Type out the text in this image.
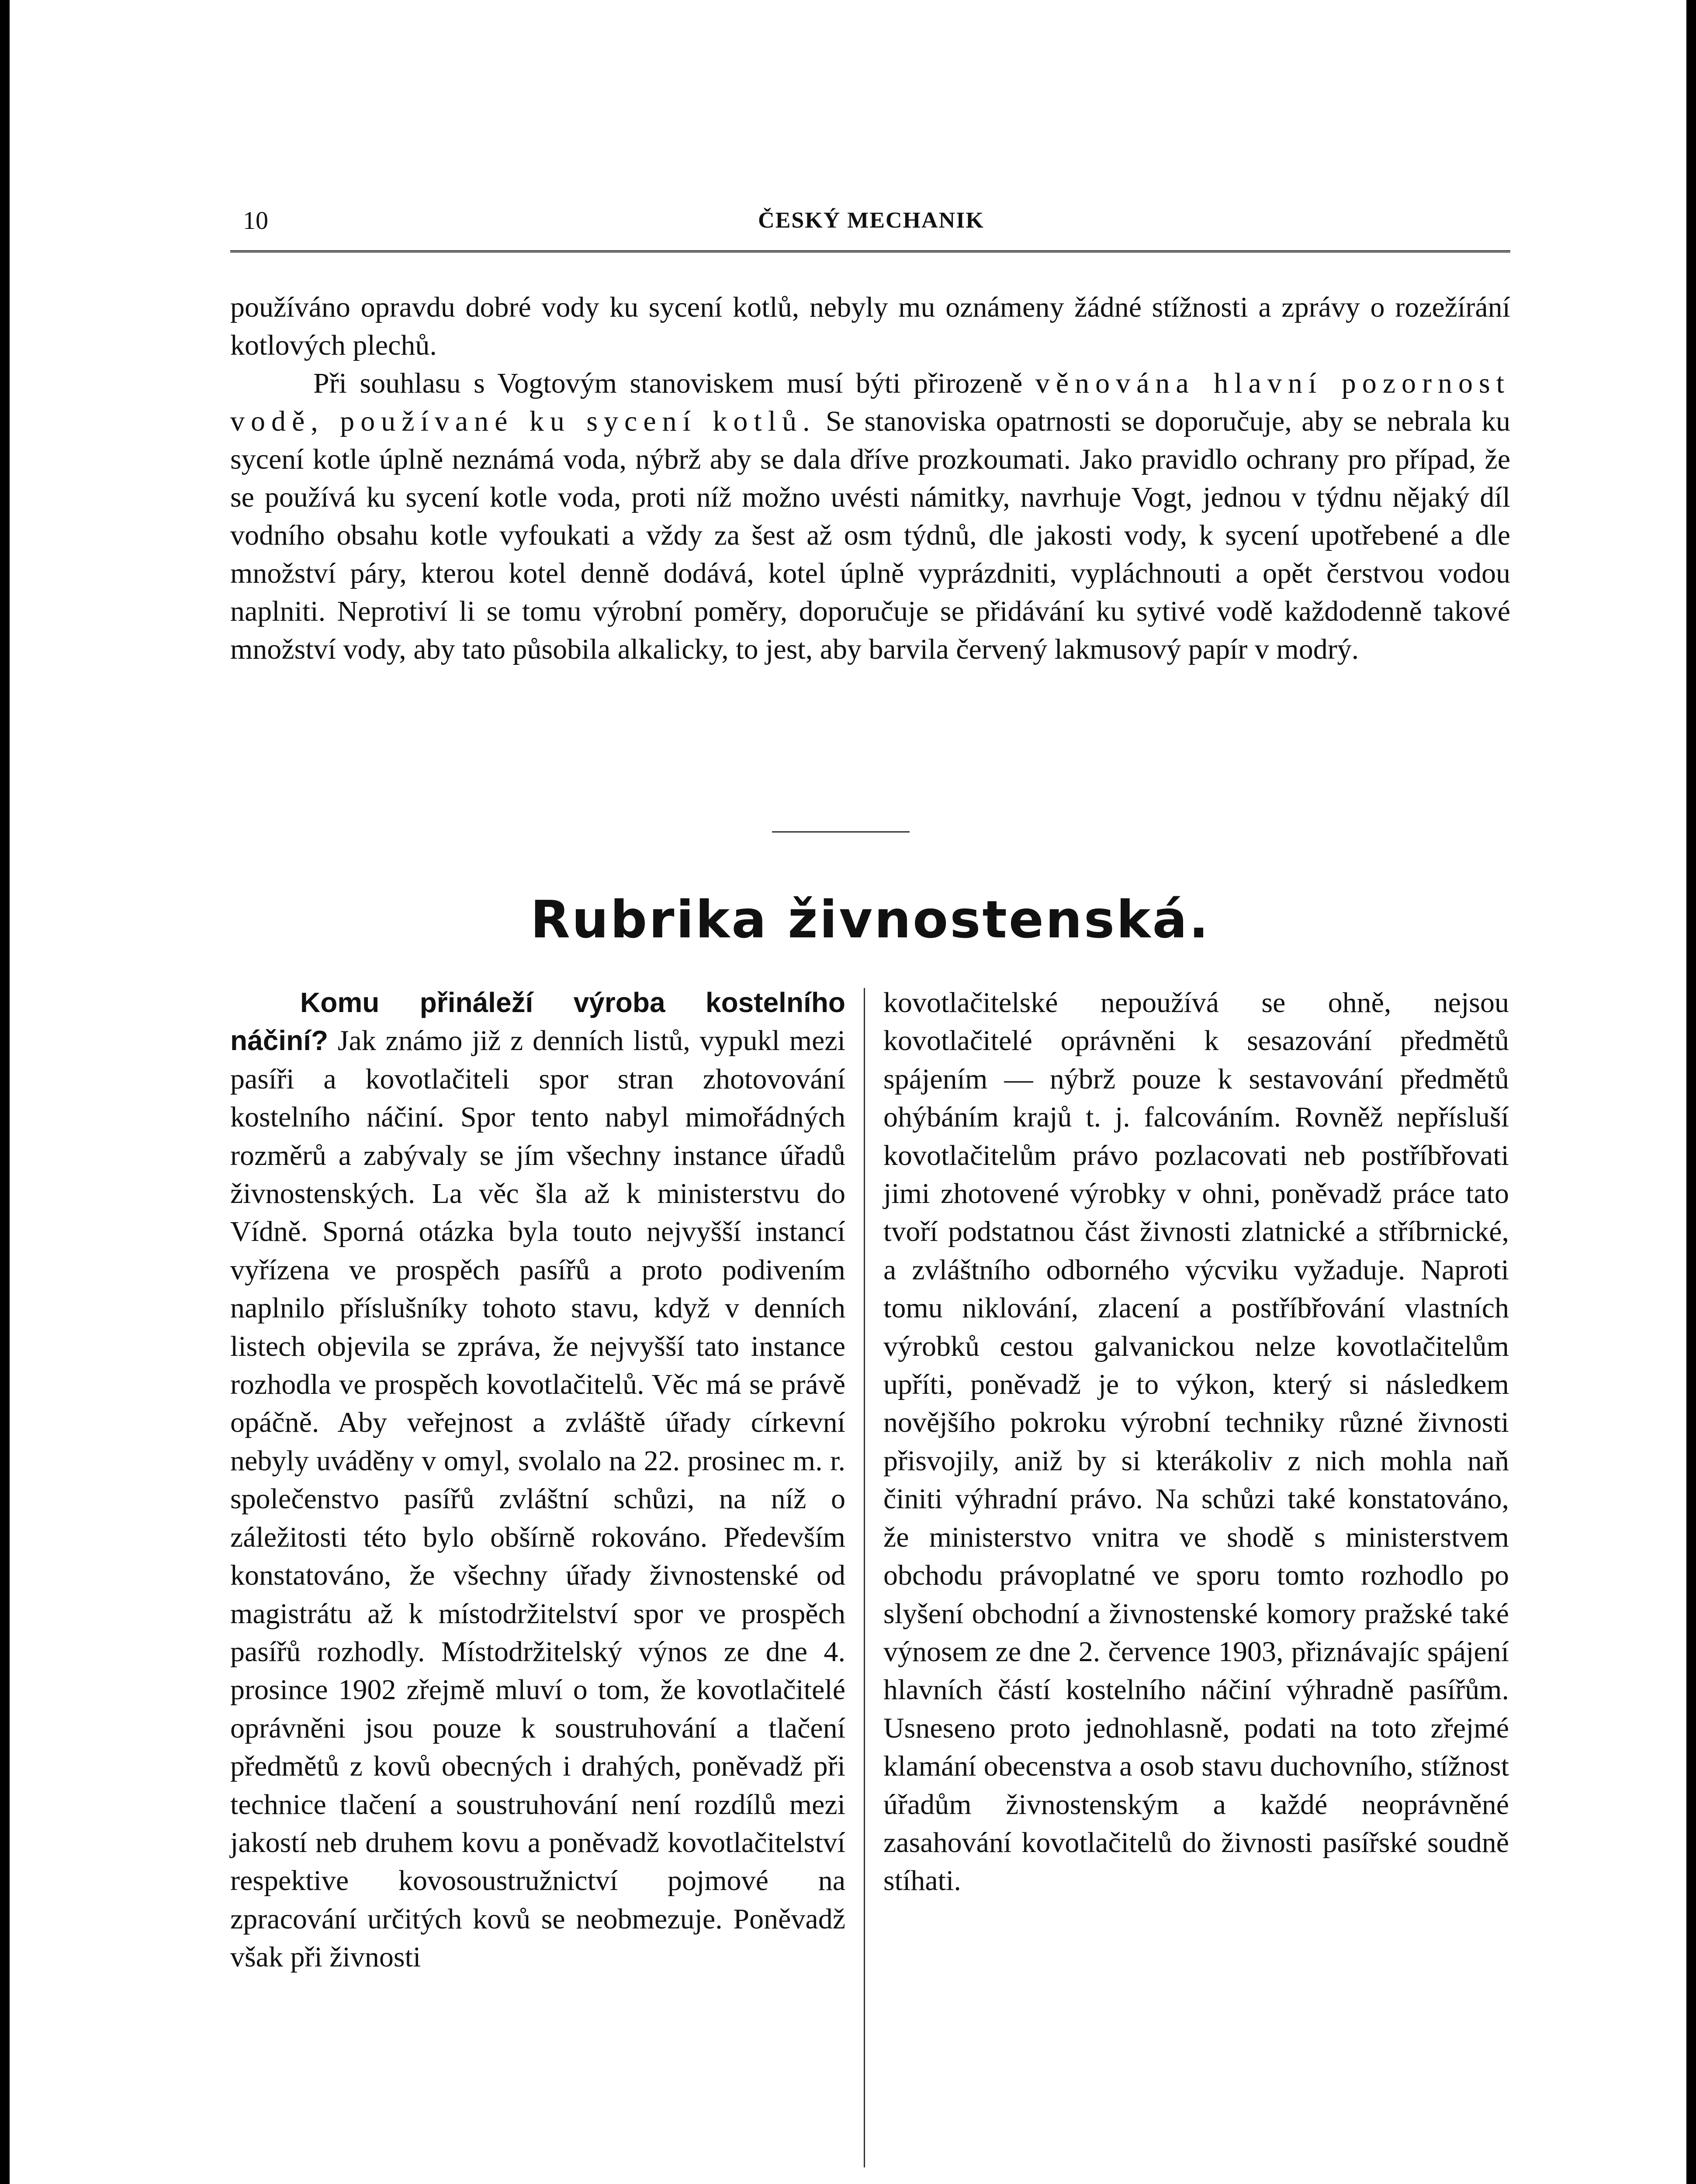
10	ČESKÝ MECHANIK

používáno opravdu dobré vody ku sycení kotlů, nebyly mu oznámeny žádné stížnosti a zprávy o rozežírání kotlových plechů.

Při souhlasu s Vogtovým stanoviskem musí býti přirozeně věnována hlavní pozornost vodě, používané ku sycení kotlů. Se stanoviska opatrnosti se doporučuje, aby se nebrala ku sycení kotle úplně neznámá voda, nýbrž aby se dala dříve prozkoumati. Jako pravidlo ochrany pro případ, že se používá ku sycení kotle voda, proti níž možno uvésti námitky, navrhuje Vogt, jednou v týdnu nějaký díl vodního obsahu kotle vyfoukati a vždy za šest až osm týdnů, dle jakosti vody, k sycení upotřebené a dle množství páry, kterou kotel denně dodává, kotel úplně vyprázdniti, vypláchnouti a opět čerstvou vodou naplniti. Neprotiví li se tomu výrobní poměry, doporučuje se přidávání ku sytivé vodě každodenně takové množství vody, aby tato působila alkalicky, to jest, aby barvila červený lakmusový papír v modrý.

Rubrika živnostenská.

Komu přináleží výroba kostelního náčiní? Jak známo již z denních listů, vypukl mezi pasíři a kovotlačiteli spor stran zhotovování kostelního náčiní. Spor tento nabyl mimořádných rozměrů a zabývaly se jím všechny instance úřadů živnostenských. La věc šla až k ministerstvu do Vídně. Sporná otázka byla touto nejvyšší instancí vyřízena ve prospěch pasířů a proto podivením naplnilo příslušníky tohoto stavu, když v denních listech objevila se zpráva, že nejvyšší tato instance rozhodla ve prospěch kovotlačitelů. Věc má se právě opáčně. Aby veřejnost a zvláště úřady církevní nebyly uváděny v omyl, svolalo na 22. prosinec m. r. společenstvo pasířů zvláštní schůzi, na níž o záležitosti této bylo obšírně rokováno. Především konstatováno, že všechny úřady živnostenské od magistrátu až k místodržitelství spor ve prospěch pasířů rozhodly. Místodržitelský výnos ze dne 4. prosince 1902 zřejmě mluví o tom, že kovotlačitelé oprávněni jsou pouze k soustruhování a tlačení předmětů z kovů obecných i drahých, poněvadž při technice tlačení a soustruhování není rozdílů mezi jakostí neb druhem kovu a poněvadž kovotlačitelství respektive kovosoustružnictví pojmové na zpracování určitých kovů se neobmezuje. Poněvadž však při živnosti

kovotlačitelské nepoužívá se ohně, nejsou kovotlačitelé oprávněni k sesazování předmětů spájením — nýbrž pouze k sestavování předmětů ohýbáním krajů t. j. falcováním. Rovněž nepřísluší kovotlačitelům právo pozlacovati neb postříbřovati jimi zhotovené výrobky v ohni, poněvadž práce tato tvoří podstatnou část živnosti zlatnické a stříbrnické, a zvláštního odborného výcviku vyžaduje. Naproti tomu niklování, zlacení a postříbřování vlastních výrobků cestou galvanickou nelze kovotlačitelům upříti, poněvadž je to výkon, který si následkem novějšího pokroku výrobní techniky různé živnosti přisvojily, aniž by si kterákoliv z nich mohla naň činiti výhradní právo. Na schůzi také konstatováno, že ministerstvo vnitra ve shodě s ministerstvem obchodu právoplatné ve sporu tomto rozhodlo po slyšení obchodní a živnostenské komory pražské také výnosem ze dne 2. července 1903, přiznávajíc spájení hlavních částí kostelního náčiní výhradně pasířům. Usneseno proto jednohlasně, podati na toto zřejmé klamání obecenstva a osob stavu duchovního, stížnost úřadům živnostenským a každé neoprávněné zasahování kovotlačitelů do živnosti pasířské soudně stíhati.
